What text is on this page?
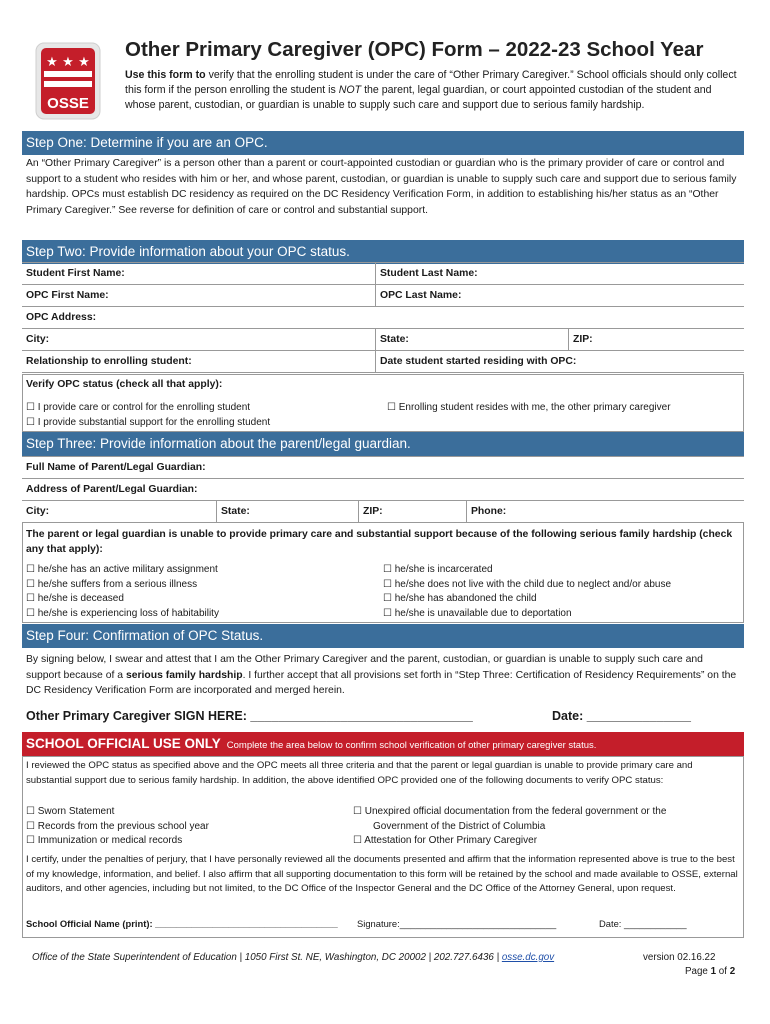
★ ★ ★
OSSE
Other Primary Caregiver (OPC) Form – 2022-23 School Year
Use this form to verify that the enrolling student is under the care of “Other Primary Caregiver.” School officials should only collect this form if the person enrolling the student is NOT the parent, legal guardian, or court appointed custodian of the student and whose parent, custodian, or guardian is unable to supply such care and support due to serious family hardship.
Step One: Determine if you are an OPC.
An “Other Primary Caregiver” is a person other than a parent or court-appointed custodian or guardian who is the primary provider of care or control and support to a student who resides with him or her, and whose parent, custodian, or guardian is unable to supply such care and support due to serious family hardship. OPCs must establish DC residency as required on the DC Residency Verification Form, in addition to establishing his/her status as an “Other Primary Caregiver.” See reverse for definition of care or control and substantial support.
Step Two: Provide information about your OPC status.
Student First Name:	Student Last Name:
OPC First Name:	OPC Last Name:
OPC Address:
City:	State:	ZIP:
Relationship to enrolling student:	Date student started residing with OPC:
Verify OPC status (check all that apply):
☐ I provide care or control for the enrolling student
☐ I provide substantial support for the enrolling student
☐ Enrolling student resides with me, the other primary caregiver
Step Three: Provide information about the parent/legal guardian.
Full Name of Parent/Legal Guardian:
Address of Parent/Legal Guardian:
City:	State:	ZIP:	Phone:
The parent or legal guardian is unable to provide primary care and substantial support because of the following serious family hardship (check any that apply):
☐ he/she has an active military assignment
☐ he/she suffers from a serious illness
☐ he/she is deceased
☐ he/she is experiencing loss of habitability
☐ he/she is incarcerated
☐ he/she does not live with the child due to neglect and/or abuse
☐ he/she has abandoned the child
☐ he/she is unavailable due to deportation
Step Four: Confirmation of OPC Status.
By signing below, I swear and attest that I am the Other Primary Caregiver and the parent, custodian, or guardian is unable to supply such care and support because of a serious family hardship. I further accept that all provisions set forth in “Step Three: Certification of Residency Requirements” on the DC Residency Verification Form are incorporated and merged herein.
Other Primary Caregiver SIGN HERE: ________________________________	Date: _______________
SCHOOL OFFICIAL USE ONLY Complete the area below to confirm school verification of other primary caregiver status.
I reviewed the OPC status as specified above and the OPC meets all three criteria and that the parent or legal guardian is unable to provide primary care and substantial support due to serious family hardship. In addition, the above identified OPC provided one of the following documents to verify OPC status:
☐ Sworn Statement
☐ Records from the previous school year
☐ Immunization or medical records
☐ Unexpired official documentation from the federal government or the
  Government of the District of Columbia
☐ Attestation for Other Primary Caregiver
I certify, under the penalties of perjury, that I have personally reviewed all the documents presented and affirm that the information represented above is true to the best of my knowledge, information, and belief. I also affirm that all supporting documentation to this form will be retained by the school and made available to OSSE, external auditors, and other agencies, including but not limited, to the DC Office of the Inspector General and the DC Office of the Attorney General, upon request.
School Official Name (print): ___________________________________ Signature:______________________________	Date: ____________
Office of the State Superintendent of Education | 1050 First St. NE, Washington, DC 20002 | 202.727.6436 | osse.dc.gov	version 02.16.22
Page 1 of 2
